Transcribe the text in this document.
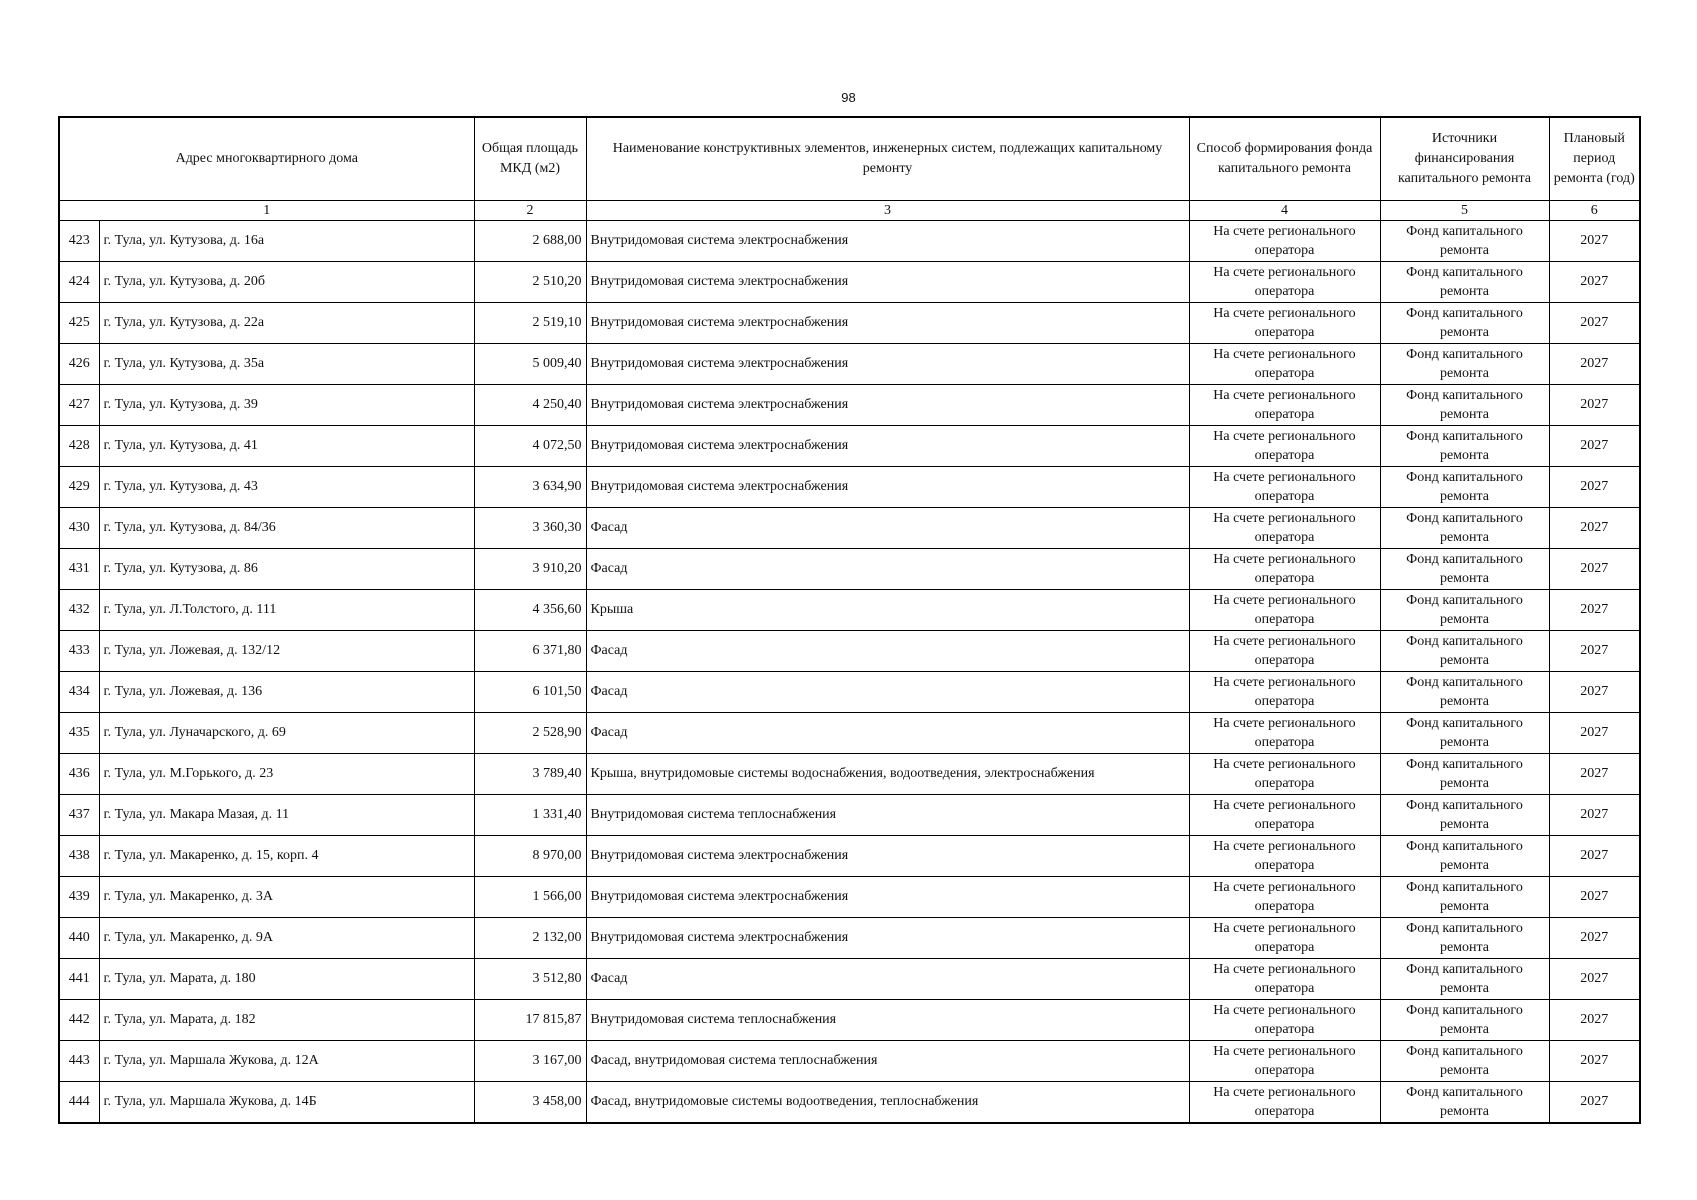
98
Адрес многоквартирного дома		Общая площадь МКД (м2)	Наименование конструктивных элементов, инженерных систем, подлежащих капитальному ремонту	Способ формирования фонда капитального ремонта	Источники финансирования капитального ремонта	Плановый период ремонта (год)
1		2	3	4	5	6
423	г. Тула, ул. Кутузова, д. 16а	2 688,00	Внутридомовая система электроснабжения	На счете регионального оператора	Фонд капитального ремонта	2027
424	г. Тула, ул. Кутузова, д. 20б	2 510,20	Внутридомовая система электроснабжения	На счете регионального оператора	Фонд капитального ремонта	2027
425	г. Тула, ул. Кутузова, д. 22а	2 519,10	Внутридомовая система электроснабжения	На счете регионального оператора	Фонд капитального ремонта	2027
426	г. Тула, ул. Кутузова, д. 35а	5 009,40	Внутридомовая система электроснабжения	На счете регионального оператора	Фонд капитального ремонта	2027
427	г. Тула, ул. Кутузова, д. 39	4 250,40	Внутридомовая система электроснабжения	На счете регионального оператора	Фонд капитального ремонта	2027
428	г. Тула, ул. Кутузова, д. 41	4 072,50	Внутридомовая система электроснабжения	На счете регионального оператора	Фонд капитального ремонта	2027
429	г. Тула, ул. Кутузова, д. 43	3 634,90	Внутридомовая система электроснабжения	На счете регионального оператора	Фонд капитального ремонта	2027
430	г. Тула, ул. Кутузова, д. 84/36	3 360,30	Фасад	На счете регионального оператора	Фонд капитального ремонта	2027
431	г. Тула, ул. Кутузова, д. 86	3 910,20	Фасад	На счете регионального оператора	Фонд капитального ремонта	2027
432	г. Тула, ул. Л.Толстого, д. 111	4 356,60	Крыша	На счете регионального оператора	Фонд капитального ремонта	2027
433	г. Тула, ул. Ложевая, д. 132/12	6 371,80	Фасад	На счете регионального оператора	Фонд капитального ремонта	2027
434	г. Тула, ул. Ложевая, д. 136	6 101,50	Фасад	На счете регионального оператора	Фонд капитального ремонта	2027
435	г. Тула, ул. Луначарского, д. 69	2 528,90	Фасад	На счете регионального оператора	Фонд капитального ремонта	2027
436	г. Тула, ул. М.Горького, д. 23	3 789,40	Крыша, внутридомовые системы водоснабжения, водоотведения, электроснабжения	На счете регионального оператора	Фонд капитального ремонта	2027
437	г. Тула, ул. Макара Мазая, д. 11	1 331,40	Внутридомовая система теплоснабжения	На счете регионального оператора	Фонд капитального ремонта	2027
438	г. Тула, ул. Макаренко, д. 15, корп. 4	8 970,00	Внутридомовая система электроснабжения	На счете регионального оператора	Фонд капитального ремонта	2027
439	г. Тула, ул. Макаренко, д. 3А	1 566,00	Внутридомовая система электроснабжения	На счете регионального оператора	Фонд капитального ремонта	2027
440	г. Тула, ул. Макаренко, д. 9А	2 132,00	Внутридомовая система электроснабжения	На счете регионального оператора	Фонд капитального ремонта	2027
441	г. Тула, ул. Марата, д. 180	3 512,80	Фасад	На счете регионального оператора	Фонд капитального ремонта	2027
442	г. Тула, ул. Марата, д. 182	17 815,87	Внутридомовая система теплоснабжения	На счете регионального оператора	Фонд капитального ремонта	2027
443	г. Тула, ул. Маршала Жукова, д. 12А	3 167,00	Фасад, внутридомовая система теплоснабжения	На счете регионального оператора	Фонд капитального ремонта	2027
444	г. Тула, ул. Маршала Жукова, д. 14Б	3 458,00	Фасад, внутридомовые системы водоотведения, теплоснабжения	На счете регионального оператора	Фонд капитального ремонта	2027
